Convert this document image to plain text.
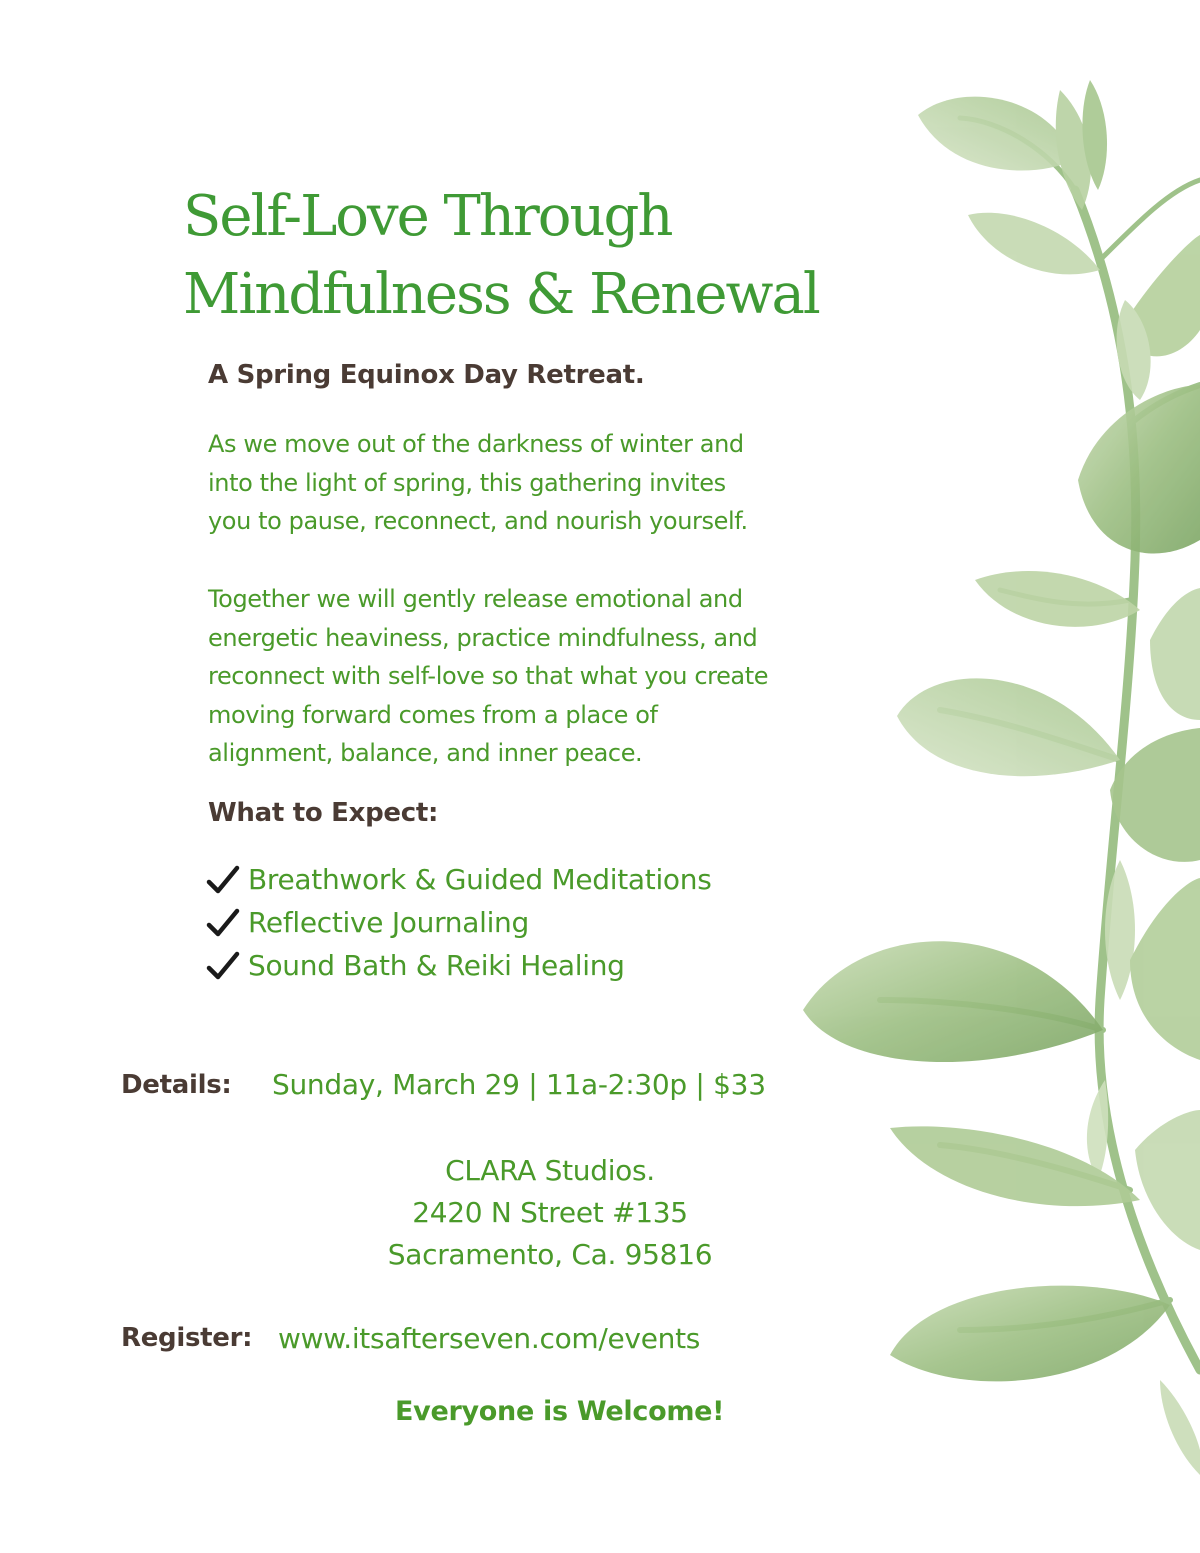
Self-Love Through
Mindfulness & Renewal
A Spring Equinox Day Retreat.

As we move out of the darkness of winter and
into the light of spring, this gathering invites
you to pause, reconnect, and nourish yourself.

Together we will gently release emotional and
energetic heaviness, practice mindfulness, and
reconnect with self-love so that what you create
moving forward comes from a place of
alignment, balance, and inner peace.

What to Expect:
Breathwork & Guided Meditations
Reflective Journaling
Sound Bath & Reiki Healing
Details: Sunday, March 29 | 11a-2:30p | $33
CLARA Studios.
2420 N Street #135
Sacramento, Ca. 95816
Register: www.itsafterseven.com/events
Everyone is Welcome!
